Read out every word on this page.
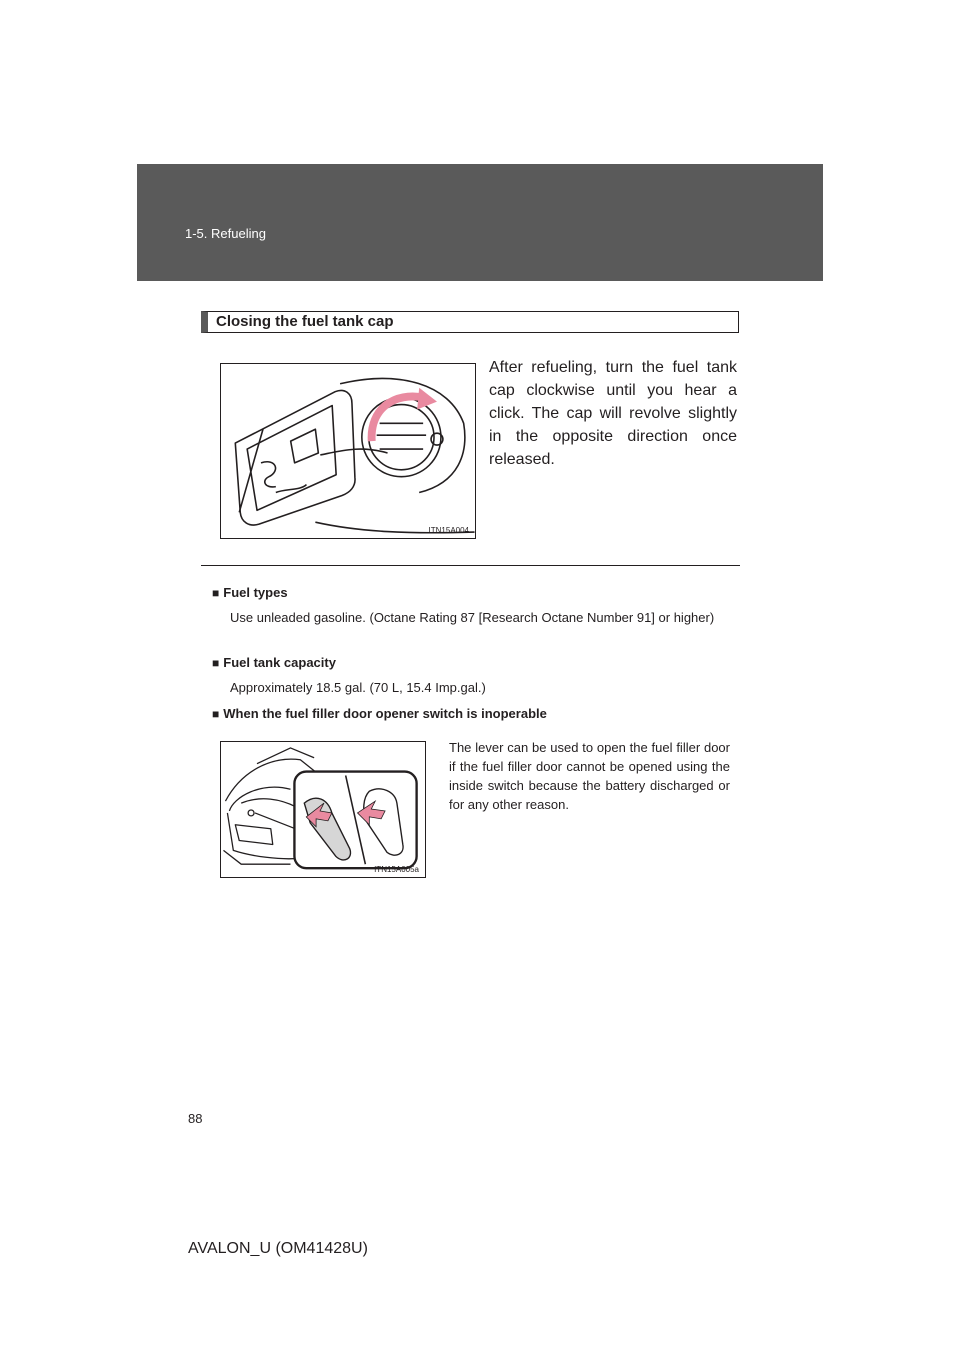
1-5. Refueling
Closing the fuel tank cap
ITN15A004
After refueling, turn the fuel tank cap clockwise until you hear a click. The cap will revolve slightly in the opposite direction once released.
■ Fuel types
Use unleaded gasoline. (Octane Rating 87 [Research Octane Number 91] or higher)
■ Fuel tank capacity
Approximately 18.5 gal. (70 L, 15.4 Imp.gal.)
■ When the fuel filler door opener switch is inoperable
ITN15A005a
The lever can be used to open the fuel filler door if the fuel filler door cannot be opened using the inside switch because the battery discharged or for any other reason.
88
AVALON_U (OM41428U)
